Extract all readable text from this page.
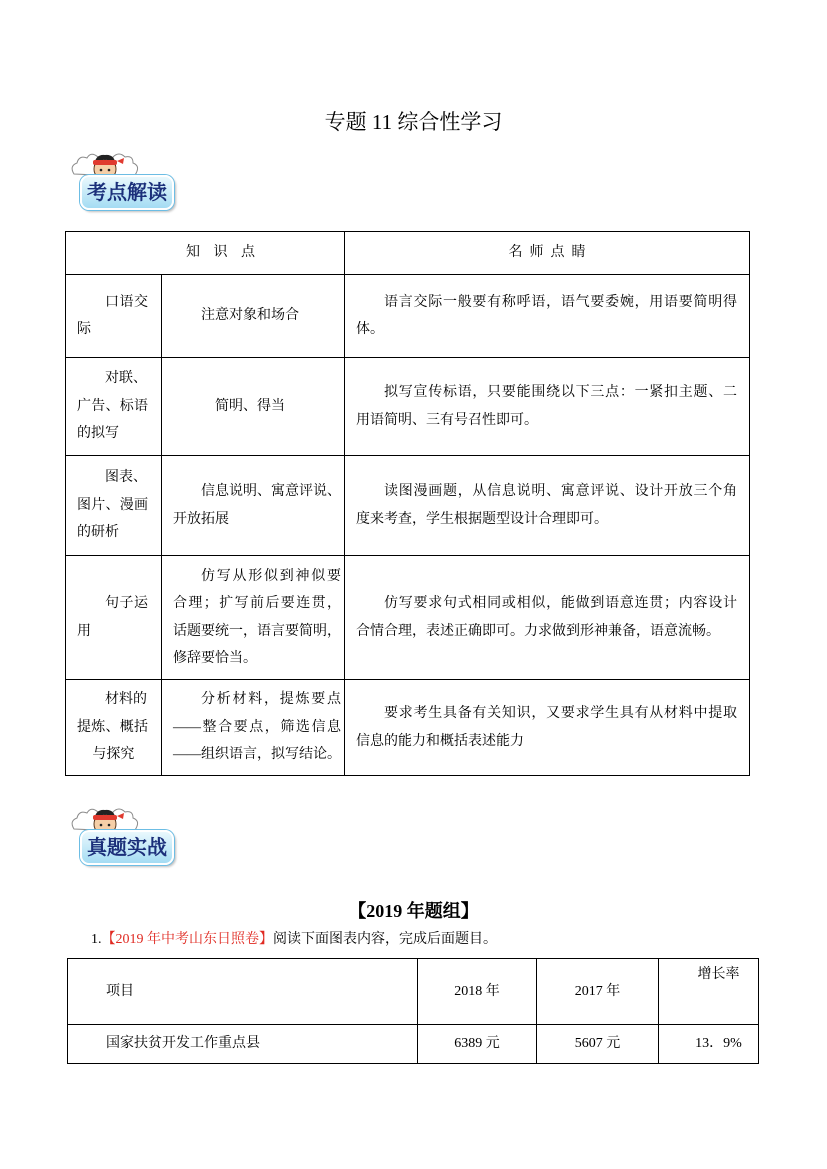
专题 11 综合性学习
考点解读
知 识 点		名师点睛

口语交
际	注意对象和场合	语言交际一般要有称呼语，语气要委婉，用语要简明得
体。

对联、
广告、标语
的拟写	简明、得当	拟写宣传标语，只要能围绕以下三点：一紧扣主题、二
用语简明、三有号召性即可。

图表、
图片、漫画
的研析	信息说明、寓意评说、
开放拓展	读图漫画题，从信息说明、寓意评说、设计开放三个角
度来考查，学生根据题型设计合理即可。

句子运
用	仿写从形似到神似要
合理；扩写前后要连贯，
话题要统一，语言要简明，
修辞要恰当。	仿写要求句式相同或相似，能做到语意连贯；内容设计
合情合理，表述正确即可。力求做到形神兼备，语意流畅。

材料的
提炼、概括
与探究	分析材料，提炼要点
——整合要点，筛选信息
——组织语言，拟写结论。	要求考生具备有关知识，又要求学生具有从材料中提取
信息的能力和概括表述能力
真题实战
【2019 年题组】
1.【2019 年中考山东日照卷】阅读下面图表内容，完成后面题目。
项目	2018 年	2017 年	增长率
国家扶贫开发工作重点县	6389 元	5607 元	13．9%
